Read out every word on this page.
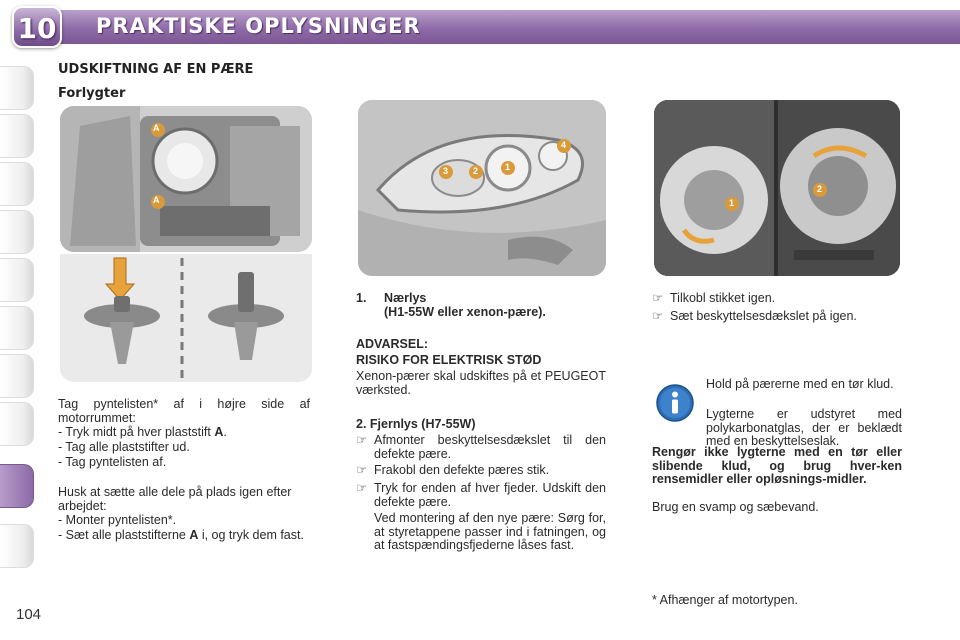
10 PRAKTISKE OPLYSNINGER
UDSKIFTNING AF EN PÆRE
Forlygter
A
A
Tag pyntelisten* af i højre side af motorrummet:
- Tryk midt på hver plaststift A.
- Tag alle plaststifter ud.
- Tag pyntelisten af.
Husk at sætte alle dele på plads igen efter arbejdet:
- Monter pyntelisten*.
- Sæt alle plaststifterne A i, og tryk dem fast.
3	2	1
4
1. Nærlys
(H1-55W eller xenon-pære).
ADVARSEL:
RISIKO FOR ELEKTRISK STØD
Xenon-pærer skal udskiftes på et PEUGEOT værksted.
2. Fjernlys (H7-55W)
☞ Afmonter beskyttelsesdækslet til den defekte pære.
☞ Frakobl den defekte pæres stik.
☞ Tryk for enden af hver fjeder. Udskift den defekte pære.
Ved montering af den nye pære: Sørg for, at styretappene passer ind i fatningen, og at fastspændingsfjederne låses fast.
1
2
☞ Tilkobl stikket igen.
☞ Sæt beskyttelsesdækslet på igen.
Hold på pærerne med en tør klud.
Lygterne er udstyret med polykarbonatglas, der er beklædt med en beskyttelseslak.
Rengør ikke lygterne med en tør eller slibende klud, og brug hver-ken rensemidler eller opløsnings-midler.
Brug en svamp og sæbevand.
* Afhænger af motortypen.
104
